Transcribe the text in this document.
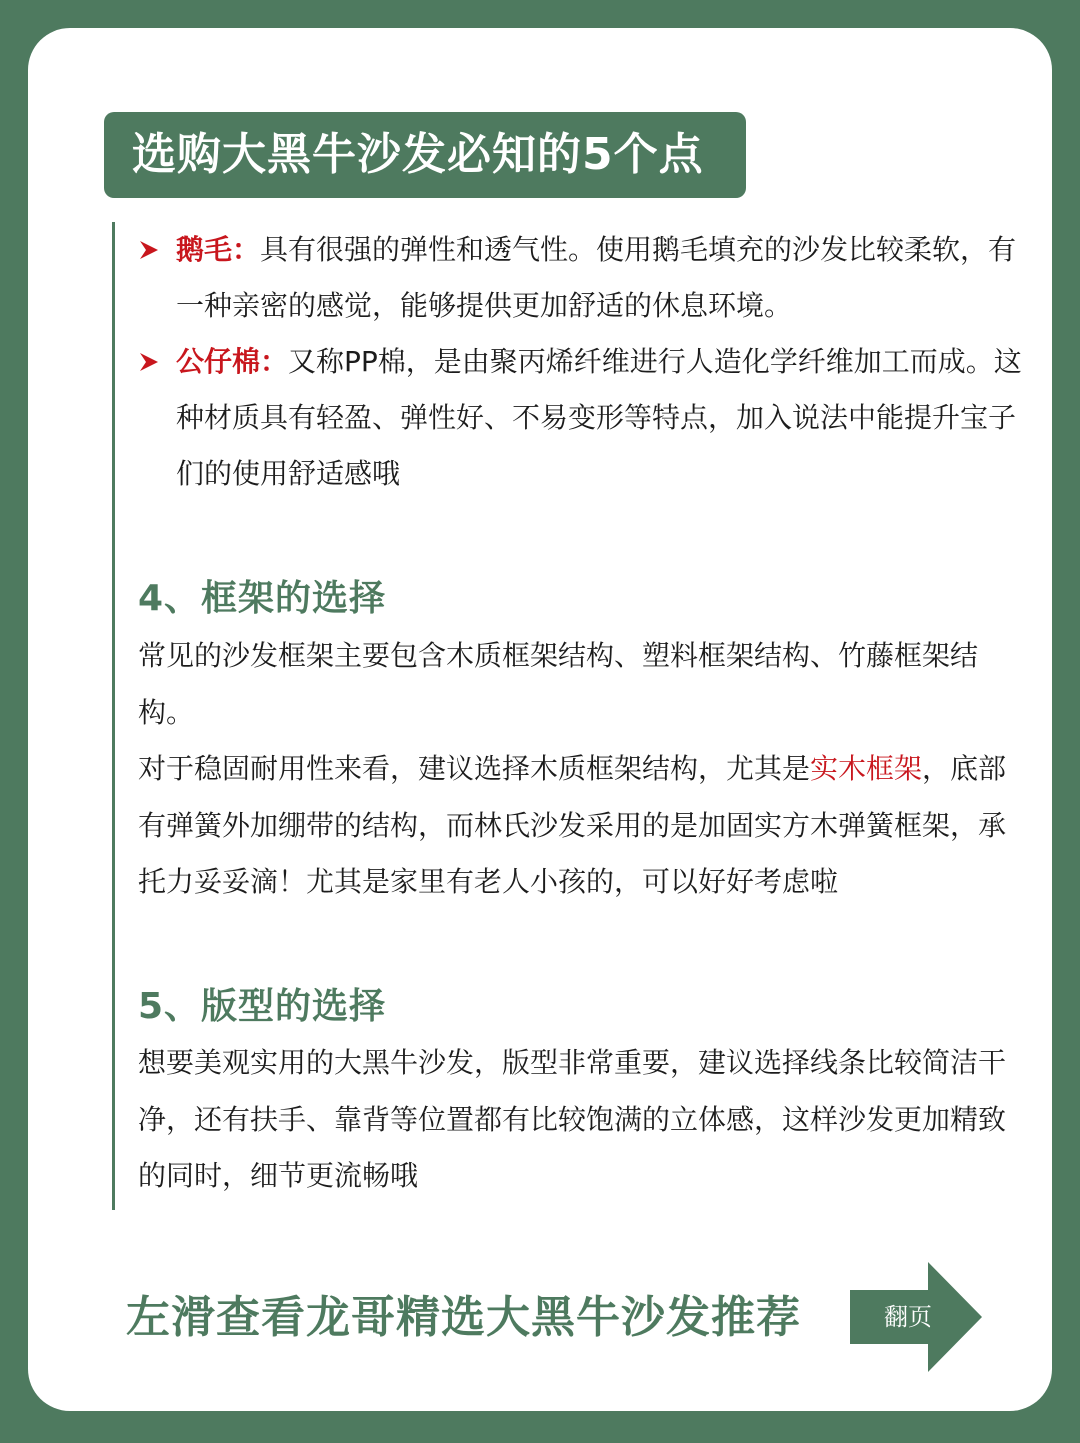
选购大黑牛沙发必知的5个点
鹅毛：具有很强的弹性和透气性。使用鹅毛填充的沙发比较柔软，有一种亲密的感觉，能够提供更加舒适的休息环境。
公仔棉：又称PP棉，是由聚丙烯纤维进行人造化学纤维加工而成。这种材质具有轻盈、弹性好、不易变形等特点，加入说法中能提升宝子们的使用舒适感哦
4、框架的选择

常见的沙发框架主要包含木质框架结构、塑料框架结构、竹藤框架结构。

对于稳固耐用性来看，建议选择木质框架结构，尤其是实木框架，底部有弹簧外加绷带的结构，而林氏沙发采用的是加固实方木弹簧框架，承托力妥妥滴！尤其是家里有老人小孩的，可以好好考虑啦

5、版型的选择

想要美观实用的大黑牛沙发，版型非常重要，建议选择线条比较简洁干净，还有扶手、靠背等位置都有比较饱满的立体感，这样沙发更加精致的同时，细节更流畅哦

左滑查看龙哥精选大黑牛沙发推荐	翻页
